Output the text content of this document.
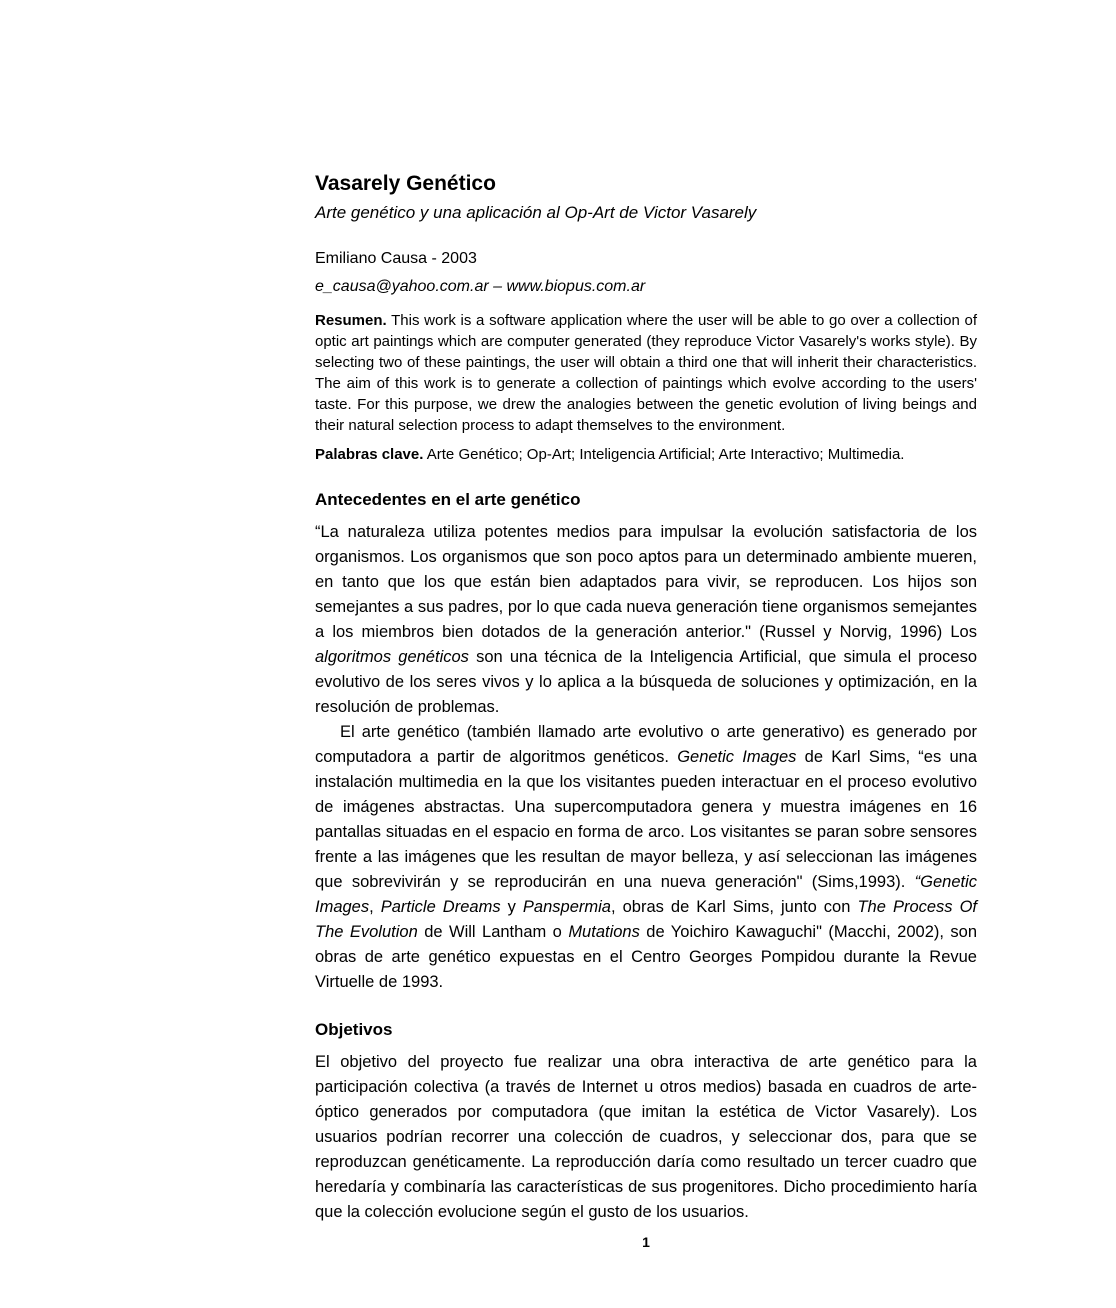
Vasarely Genético
Arte genético y una aplicación al Op-Art de Victor Vasarely
Emiliano Causa - 2003
e_causa@yahoo.com.ar – www.biopus.com.ar

Resumen. This work is a software application where the user will be able to go over a collection of optic art paintings which are computer generated (they reproduce Victor Vasarely's works style). By selecting two of these paintings, the user will obtain a third one that will inherit their characteristics. The aim of this work is to generate a collection of paintings which evolve according to the users' taste. For this purpose, we drew the analogies between the genetic evolution of living beings and their natural selection process to adapt themselves to the environment.

Palabras clave. Arte Genético; Op-Art; Inteligencia Artificial; Arte Interactivo; Multimedia.

Antecedentes en el arte genético

“La naturaleza utiliza potentes medios para impulsar la evolución satisfactoria de los organismos. Los organismos que son poco aptos para un determinado ambiente mueren, en tanto que los que están bien adaptados para vivir, se reproducen. Los hijos son semejantes a sus padres, por lo que cada nueva generación tiene organismos semejantes a los miembros bien dotados de la generación anterior." (Russel y Norvig, 1996) Los algoritmos genéticos son una técnica de la Inteligencia Artificial, que simula el proceso evolutivo de los seres vivos y lo aplica a la búsqueda de soluciones y optimización, en la resolución de problemas.

El arte genético (también llamado arte evolutivo o arte generativo) es generado por computadora a partir de algoritmos genéticos. Genetic Images de Karl Sims, “es una instalación multimedia en la que los visitantes pueden interactuar en el proceso evolutivo de imágenes abstractas. Una supercomputadora genera y muestra imágenes en 16 pantallas situadas en el espacio en forma de arco. Los visitantes se paran sobre sensores frente a las imágenes que les resultan de mayor belleza, y así seleccionan las imágenes que sobrevivirán y se reproducirán en una nueva generación" (Sims,1993). “Genetic Images, Particle Dreams y Panspermia, obras de Karl Sims, junto con The Process Of The Evolution de Will Lantham o Mutations de Yoichiro Kawaguchi" (Macchi, 2002), son obras de arte genético expuestas en el Centro Georges Pompidou durante la Revue Virtuelle de 1993.

Objetivos

El objetivo del proyecto fue realizar una obra interactiva de arte genético para la participación colectiva (a través de Internet u otros medios) basada en cuadros de arte-óptico generados por computadora (que imitan la estética de Victor Vasarely). Los usuarios podrían recorrer una colección de cuadros, y seleccionar dos, para que se reproduzcan genéticamente. La reproducción daría como resultado un tercer cuadro que heredaría y combinaría las características de sus progenitores. Dicho procedimiento haría que la colección evolucione según el gusto de los usuarios.

1
